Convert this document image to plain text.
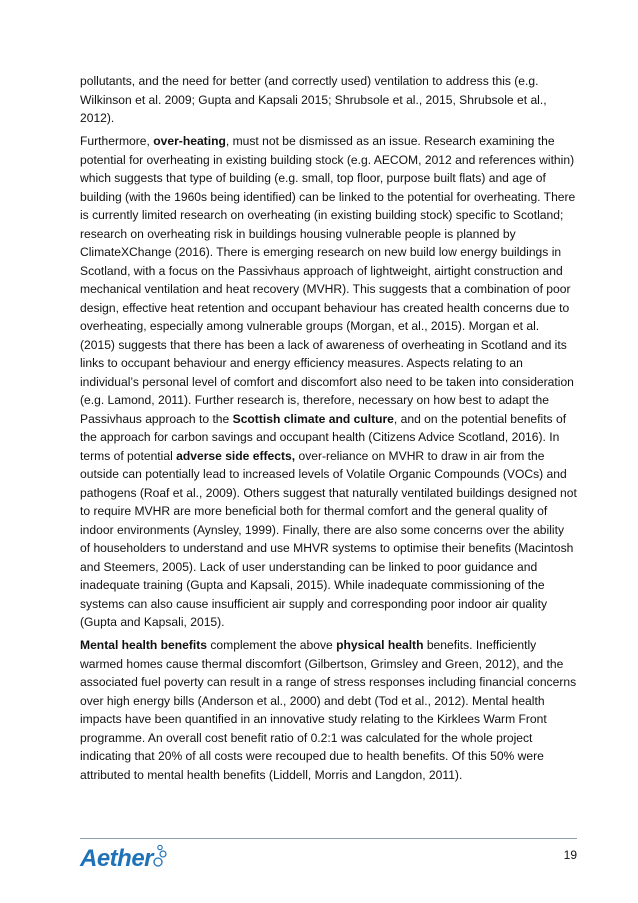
pollutants, and the need for better (and correctly used) ventilation to address this (e.g. Wilkinson et al. 2009; Gupta and Kapsali 2015; Shrubsole et al., 2015, Shrubsole et al., 2012).

Furthermore, over-heating, must not be dismissed as an issue. Research examining the potential for overheating in existing building stock (e.g. AECOM, 2012 and references within) which suggests that type of building (e.g. small, top floor, purpose built flats) and age of building (with the 1960s being identified) can be linked to the potential for overheating. There is currently limited research on overheating (in existing building stock) specific to Scotland; research on overheating risk in buildings housing vulnerable people is planned by ClimateXChange (2016). There is emerging research on new build low energy buildings in Scotland, with a focus on the Passivhaus approach of lightweight, airtight construction and mechanical ventilation and heat recovery (MVHR). This suggests that a combination of poor design, effective heat retention and occupant behaviour has created health concerns due to overheating, especially among vulnerable groups (Morgan, et al., 2015). Morgan et al. (2015) suggests that there has been a lack of awareness of overheating in Scotland and its links to occupant behaviour and energy efficiency measures. Aspects relating to an individual’s personal level of comfort and discomfort also need to be taken into consideration (e.g. Lamond, 2011). Further research is, therefore, necessary on how best to adapt the Passivhaus approach to the Scottish climate and culture, and on the potential benefits of the approach for carbon savings and occupant health (Citizens Advice Scotland, 2016). In terms of potential adverse side effects, over-reliance on MVHR to draw in air from the outside can potentially lead to increased levels of Volatile Organic Compounds (VOCs) and pathogens (Roaf et al., 2009). Others suggest that naturally ventilated buildings designed not to require MVHR are more beneficial both for thermal comfort and the general quality of indoor environments (Aynsley, 1999). Finally, there are also some concerns over the ability of householders to understand and use MHVR systems to optimise their benefits (Macintosh and Steemers, 2005). Lack of user understanding can be linked to poor guidance and inadequate training (Gupta and Kapsali, 2015). While inadequate commissioning of the systems can also cause insufficient air supply and corresponding poor indoor air quality (Gupta and Kapsali, 2015).

Mental health benefits complement the above physical health benefits. Inefficiently warmed homes cause thermal discomfort (Gilbertson, Grimsley and Green, 2012), and the associated fuel poverty can result in a range of stress responses including financial concerns over high energy bills (Anderson et al., 2000) and debt (Tod et al., 2012). Mental health impacts have been quantified in an innovative study relating to the Kirklees Warm Front programme. An overall cost benefit ratio of 0.2:1 was calculated for the whole project indicating that 20% of all costs were recouped due to health benefits. Of this 50% were attributed to mental health benefits (Liddell, Morris and Langdon, 2011).

Aether	19
